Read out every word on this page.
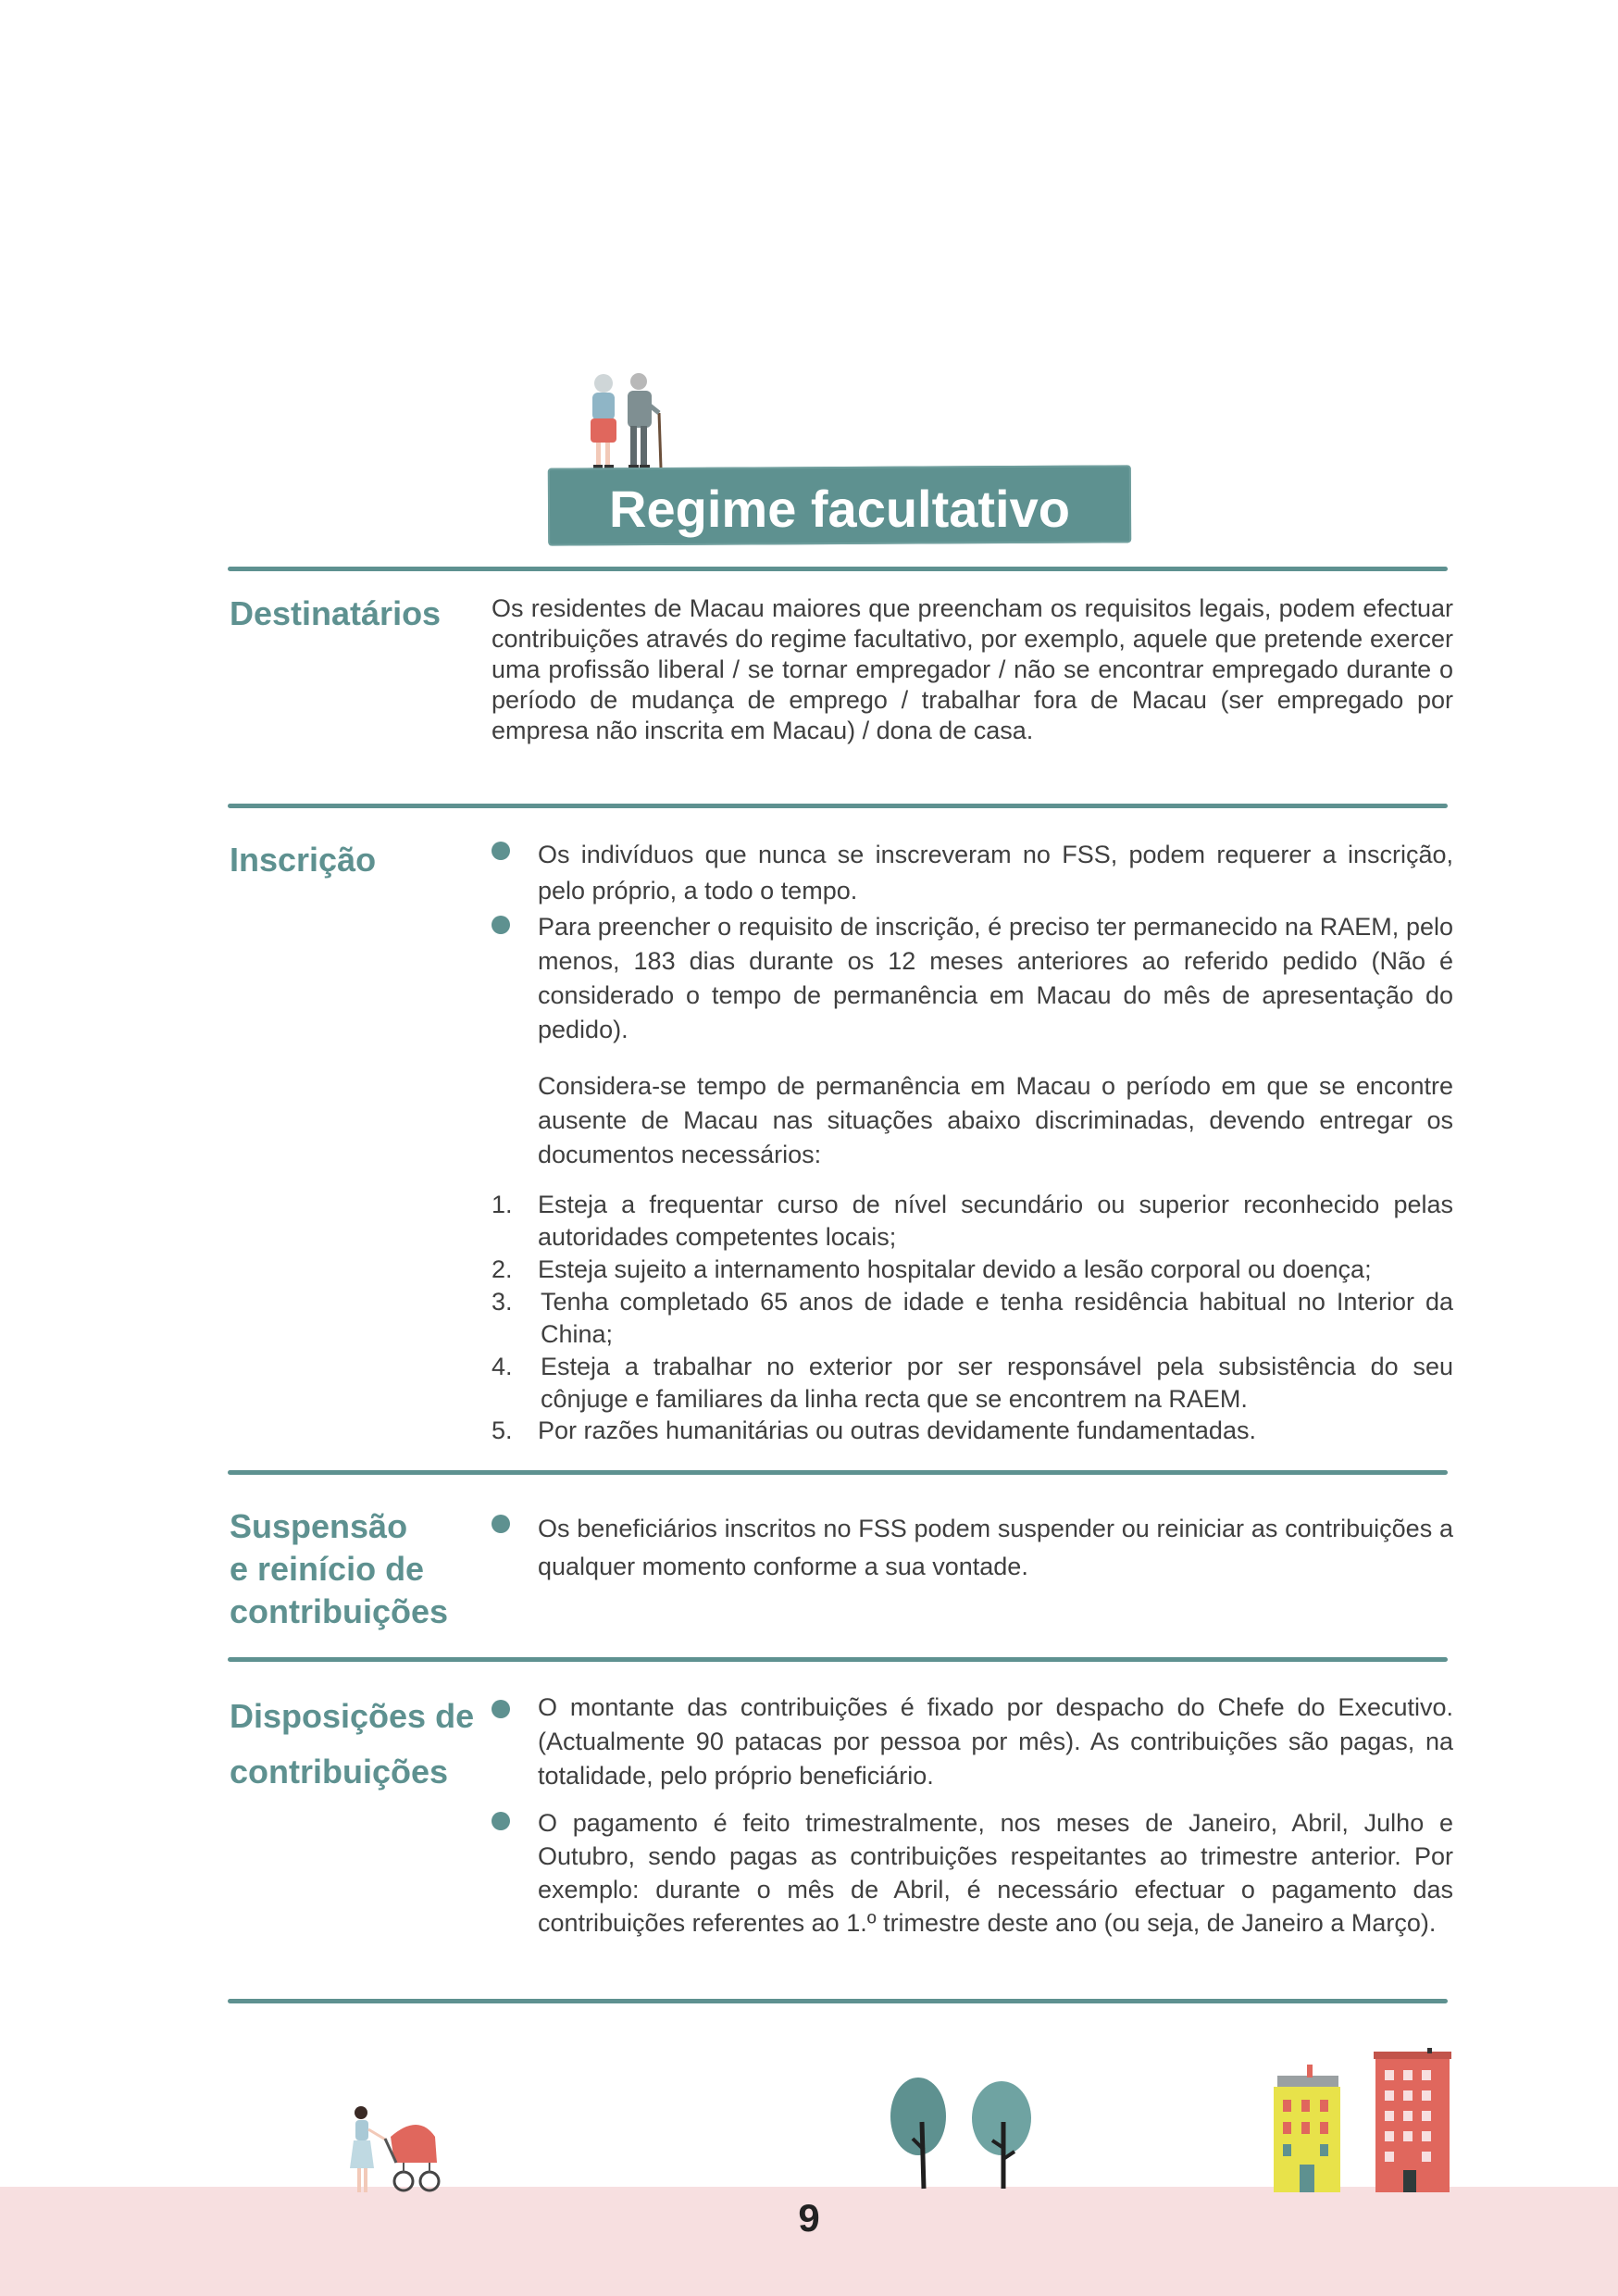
Regime facultativo
Destinatários Os residentes de Macau maiores que preencham os requisitos legais, podem efectuar contribuições através do regime facultativo, por exemplo, aquele que pretende exercer uma profissão liberal / se tornar empregador / não se encontrar empregado durante o período de mudança de emprego / trabalhar fora de Macau (ser empregado por empresa não inscrita em Macau) / dona de casa.
Inscrição	Os indivíduos que nunca se inscreveram no FSS, podem requerer a inscrição, pelo próprio, a todo o tempo.
Para preencher o requisito de inscrição, é preciso ter permanecido na RAEM, pelo menos, 183 dias durante os 12 meses anteriores ao referido pedido (Não é considerado o tempo de permanência em Macau do mês de apresentação do pedido).
Considera-se tempo de permanência em Macau o período em que se encontre ausente de Macau nas situações abaixo discriminadas, devendo entregar os documentos necessários:
1. Esteja a frequentar curso de nível secundário ou superior reconhecido pelas autoridades competentes locais;
2. Esteja sujeito a internamento hospitalar devido a lesão corporal ou doença;
3. Tenha completado 65 anos de idade e tenha residência habitual no Interior da China;
4. Esteja a trabalhar no exterior por ser responsável pela subsistência do seu cônjuge e familiares da linha recta que se encontrem na RAEM.
5. Por razões humanitárias ou outras devidamente fundamentadas.
Suspensão
e reinício de
contribuições
Os beneficiários inscritos no FSS podem suspender ou reiniciar as contribuições a qualquer momento conforme a sua vontade.
Disposições de
contribuições
O montante das contribuições é fixado por despacho do Chefe do Executivo. (Actualmente 90 patacas por pessoa por mês). As contribuições são pagas, na totalidade, pelo próprio beneficiário.
O pagamento é feito trimestralmente, nos meses de Janeiro, Abril, Julho e Outubro, sendo pagas as contribuições respeitantes ao trimestre anterior. Por exemplo: durante o mês de Abril, é necessário efectuar o pagamento das contribuições referentes ao 1.º trimestre deste ano (ou seja, de Janeiro a Março).
9
